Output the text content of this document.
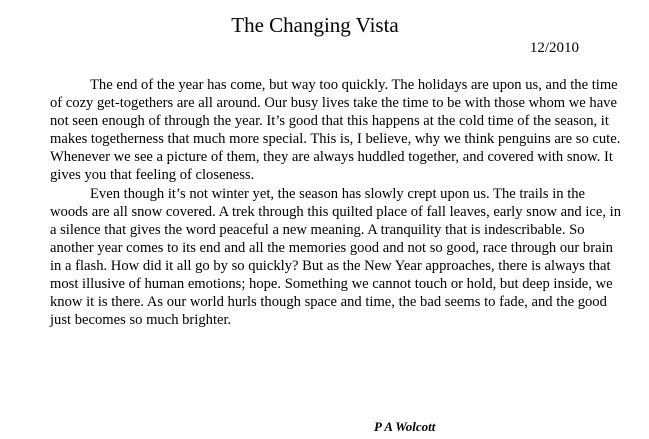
The Changing Vista
12/2010

The end of the year has come, but way too quickly. The holidays are upon us, and the time of cozy get-togethers are all around. Our busy lives take the time to be with those whom we have not seen enough of through the year. It’s good that this happens at the cold time of the season, it makes togetherness that much more special. This is, I believe, why we think penguins are so cute. Whenever we see a picture of them, they are always huddled together, and covered with snow. It gives you that feeling of closeness.

Even though it’s not winter yet, the season has slowly crept upon us. The trails in the woods are all snow covered. A trek through this quilted place of fall leaves, early snow and ice, in a silence that gives the word peaceful a new meaning. A tranquility that is indescribable. So another year comes to its end and all the memories good and not so good, race through our brain in a flash. How did it all go by so quickly? But as the New Year approaches, there is always that most illusive of human emotions; hope. Something we cannot touch or hold, but deep inside, we know it is there. As our world hurls though space and time, the bad seems to fade, and the good just becomes so much brighter.

P A Wolcott
